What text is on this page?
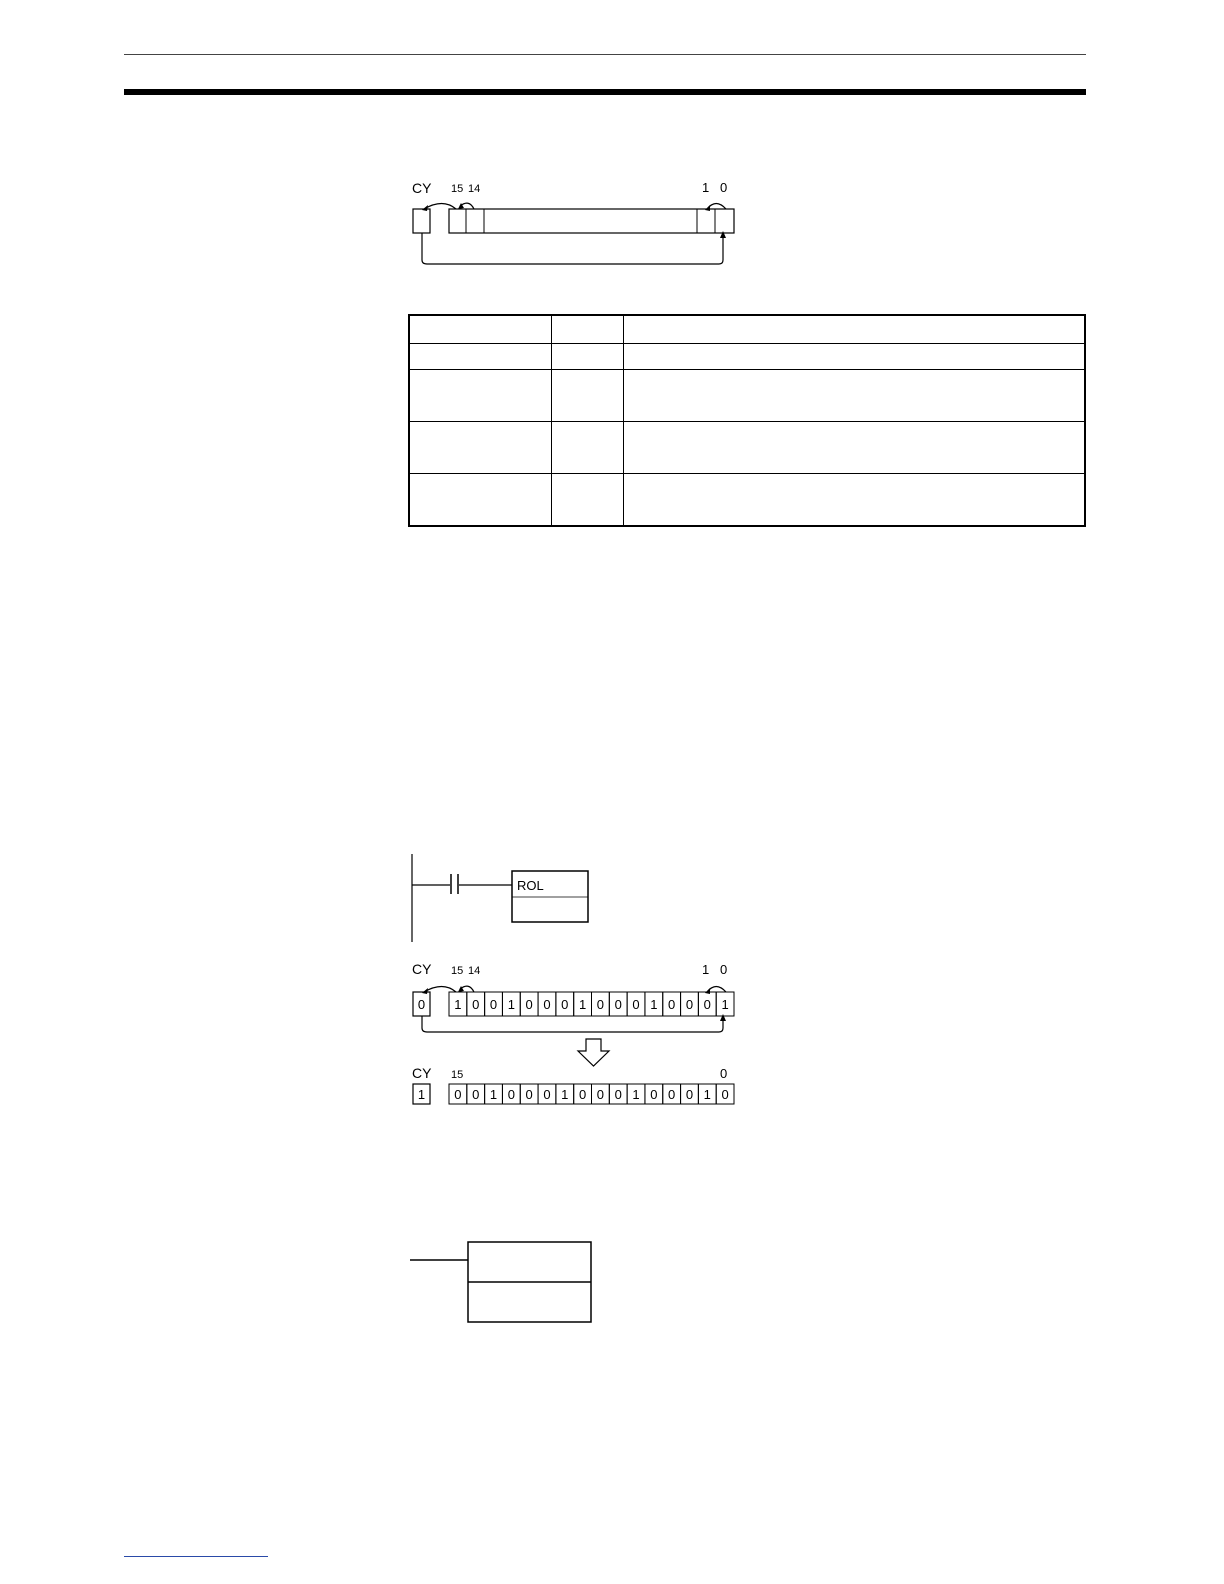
CY 15 14	1 0

ROL
CY 15 14	1 0
0 1 0 0 1 0 0 0 1 0 0 0 1 0 0 0 1
CY 15	0
1 0 0 1 0 0 0 1 0 0 0 1 0 0 0 1 0
